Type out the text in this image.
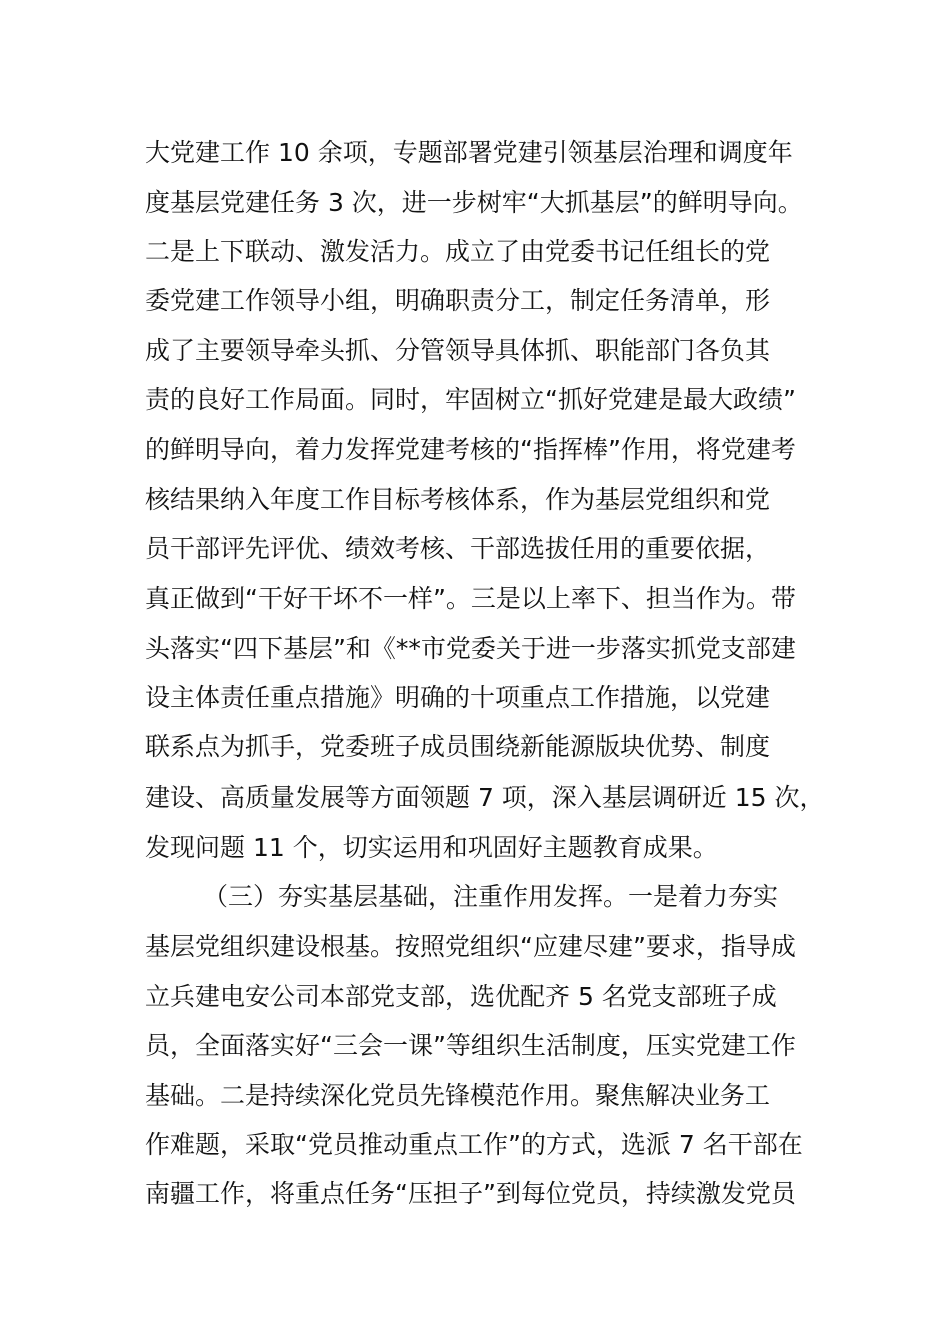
大党建工作 10 余项，专题部署党建引领基层治理和调度年
度基层党建任务 3 次，进一步树牢“大抓基层”的鲜明导向。
二是上下联动、激发活力。成立了由党委书记任组长的党
委党建工作领导小组，明确职责分工，制定任务清单，形
成了主要领导牵头抓、分管领导具体抓、职能部门各负其
责的良好工作局面。同时，牢固树立“抓好党建是最大政绩”
的鲜明导向，着力发挥党建考核的“指挥棒”作用，将党建考
核结果纳入年度工作目标考核体系，作为基层党组织和党
员干部评先评优、绩效考核、干部选拔任用的重要依据，
真正做到“干好干坏不一样”。三是以上率下、担当作为。带
头落实“四下基层”和《**市党委关于进一步落实抓党支部建
设主体责任重点措施》明确的十项重点工作措施，以党建
联系点为抓手，党委班子成员围绕新能源版块优势、制度
建设、高质量发展等方面领题 7 项，深入基层调研近 15 次，
发现问题 11 个，切实运用和巩固好主题教育成果。
（三）夯实基层基础，注重作用发挥。一是着力夯实
基层党组织建设根基。按照党组织“应建尽建”要求，指导成
立兵建电安公司本部党支部，选优配齐 5 名党支部班子成
员，全面落实好“三会一课”等组织生活制度，压实党建工作
基础。二是持续深化党员先锋模范作用。聚焦解决业务工
作难题，采取“党员推动重点工作”的方式，选派 7 名干部在
南疆工作，将重点任务“压担子”到每位党员，持续激发党员
